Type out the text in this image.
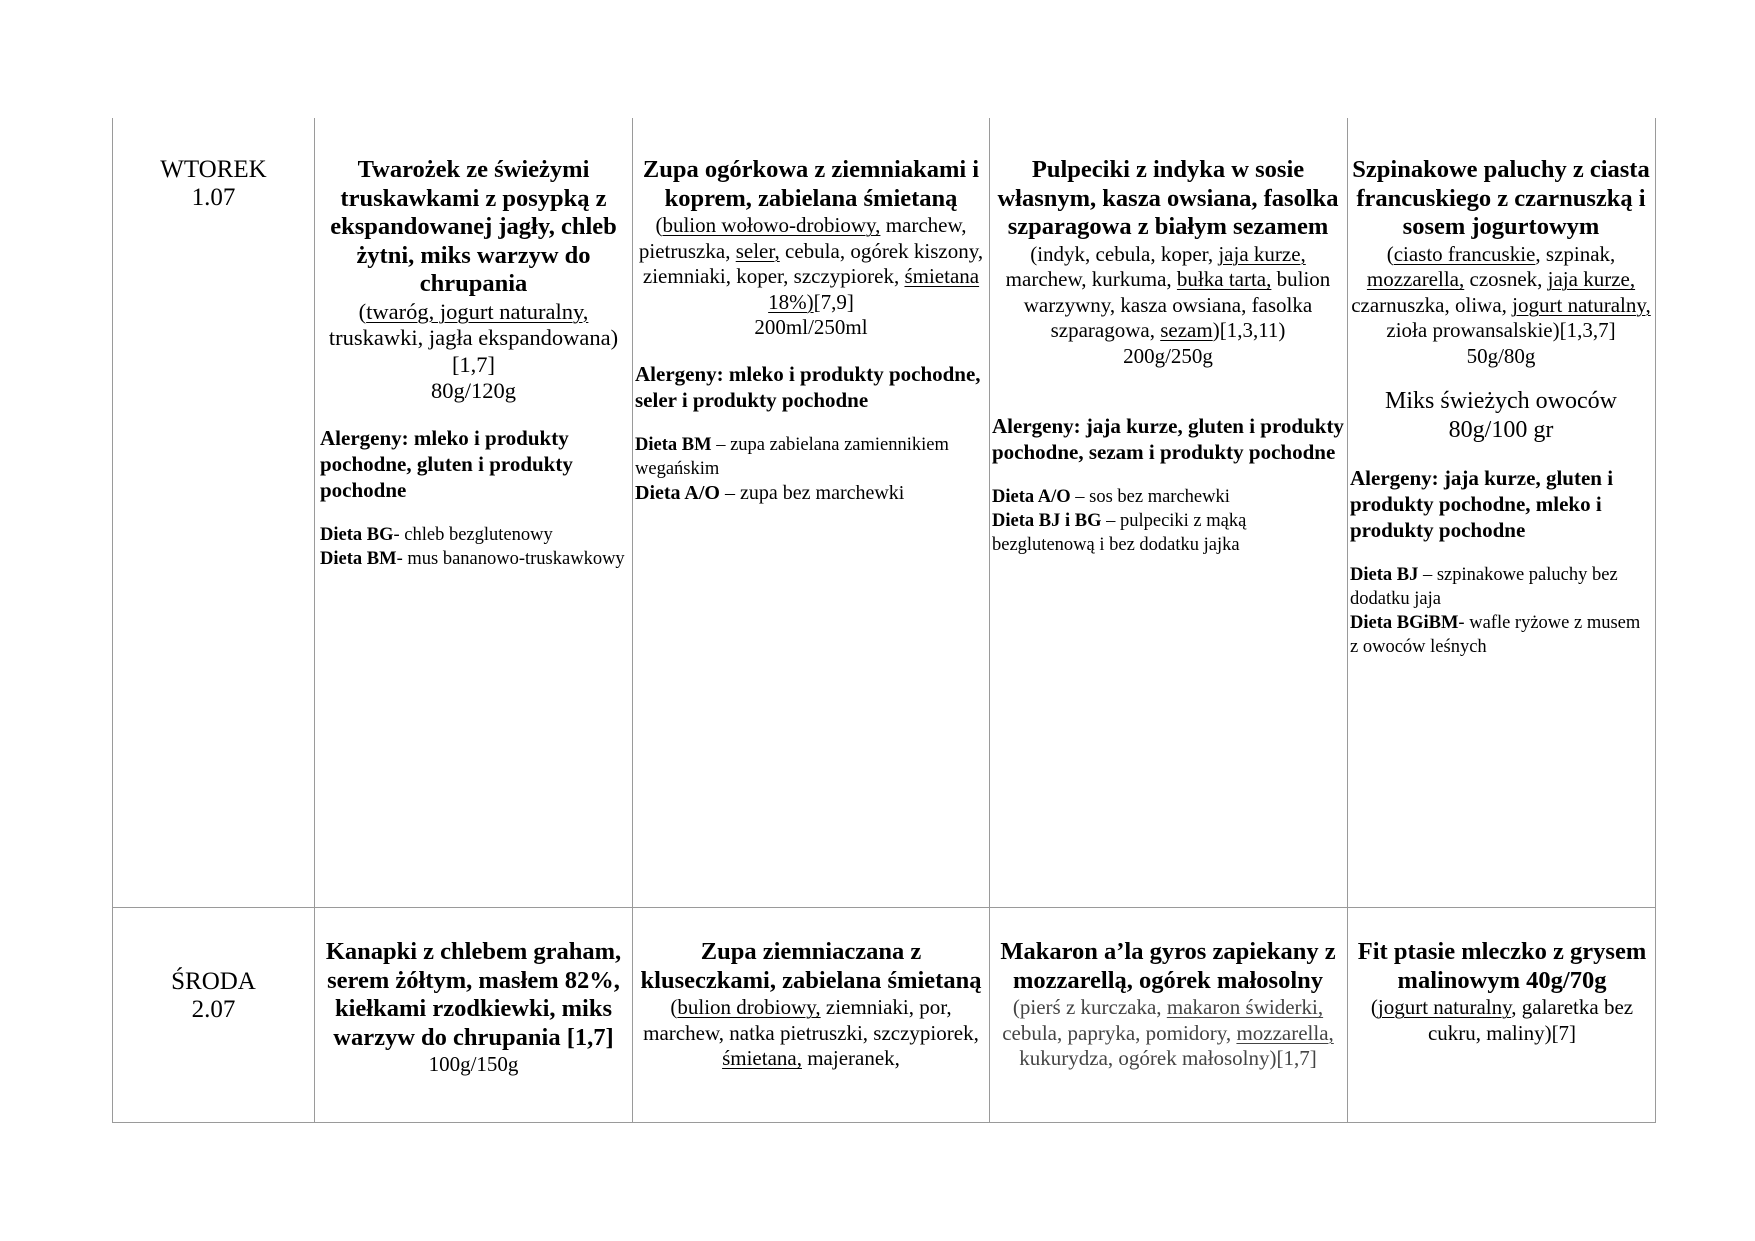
WTOREK
1.07
Twarożek ze świeżymi truskawkami z posypką z ekspandowanej jagły, chleb żytni, miks warzyw do chrupania
(twaróg, jogurt naturalny, truskawki, jagła ekspandowana)[1,7]
80g/120g
Alergeny: mleko i produkty pochodne, gluten i produkty pochodne
Dieta BG- chleb bezglutenowy
Dieta BM- mus bananowo-truskawkowy
Zupa ogórkowa z ziemniakami i koprem, zabielana śmietaną
(bulion wołowo-drobiowy, marchew, pietruszka, seler, cebula, ogórek kiszony, ziemniaki, koper, szczypiorek, śmietana 18%)[7,9]
200ml/250ml
Alergeny: mleko i produkty pochodne, seler i produkty pochodne
Dieta BM – zupa zabielana zamiennikiem wegańskim
Dieta A/O – zupa bez marchewki
Pulpeciki z indyka w sosie własnym, kasza owsiana, fasolka szparagowa z białym sezamem
(indyk, cebula, koper, jaja kurze, marchew, kurkuma, bułka tarta, bulion warzywny, kasza owsiana, fasolka szparagowa, sezam)[1,3,11)
200g/250g
Alergeny: jaja kurze, gluten i produkty pochodne, sezam i produkty pochodne
Dieta A/O – sos bez marchewki
Dieta BJ i BG – pulpeciki z mąką bezglutenową i bez dodatku jajka
Szpinakowe paluchy z ciasta francuskiego z czarnuszką i sosem jogurtowym
(ciasto francuskie, szpinak, mozzarella, czosnek, jaja kurze, czarnuszka, oliwa, jogurt naturalny, zioła prowansalskie)[1,3,7]
50g/80g
Miks świeżych owoców
80g/100 gr
Alergeny: jaja kurze, gluten i produkty pochodne, mleko i produkty pochodne
Dieta BJ – szpinakowe paluchy bez dodatku jaja
Dieta BGiBM- wafle ryżowe z musem z owoców leśnych
ŚRODA
2.07
Kanapki z chlebem graham, serem żółtym, masłem 82%, kiełkami rzodkiewki, miks warzyw do chrupania [1,7]
100g/150g
Zupa ziemniaczana z kluseczkami, zabielana śmietaną
(bulion drobiowy, ziemniaki, por, marchew, natka pietruszki, szczypiorek, śmietana, majeranek,
Makaron a’la gyros zapiekany z mozzarellą, ogórek małosolny
(pierś z kurczaka, makaron świderki, cebula, papryka, pomidory, mozzarella, kukurydza, ogórek małosolny)[1,7]
Fit ptasie mleczko z grysem malinowym 40g/70g
(jogurt naturalny, galaretka bez cukru, maliny)[7]
